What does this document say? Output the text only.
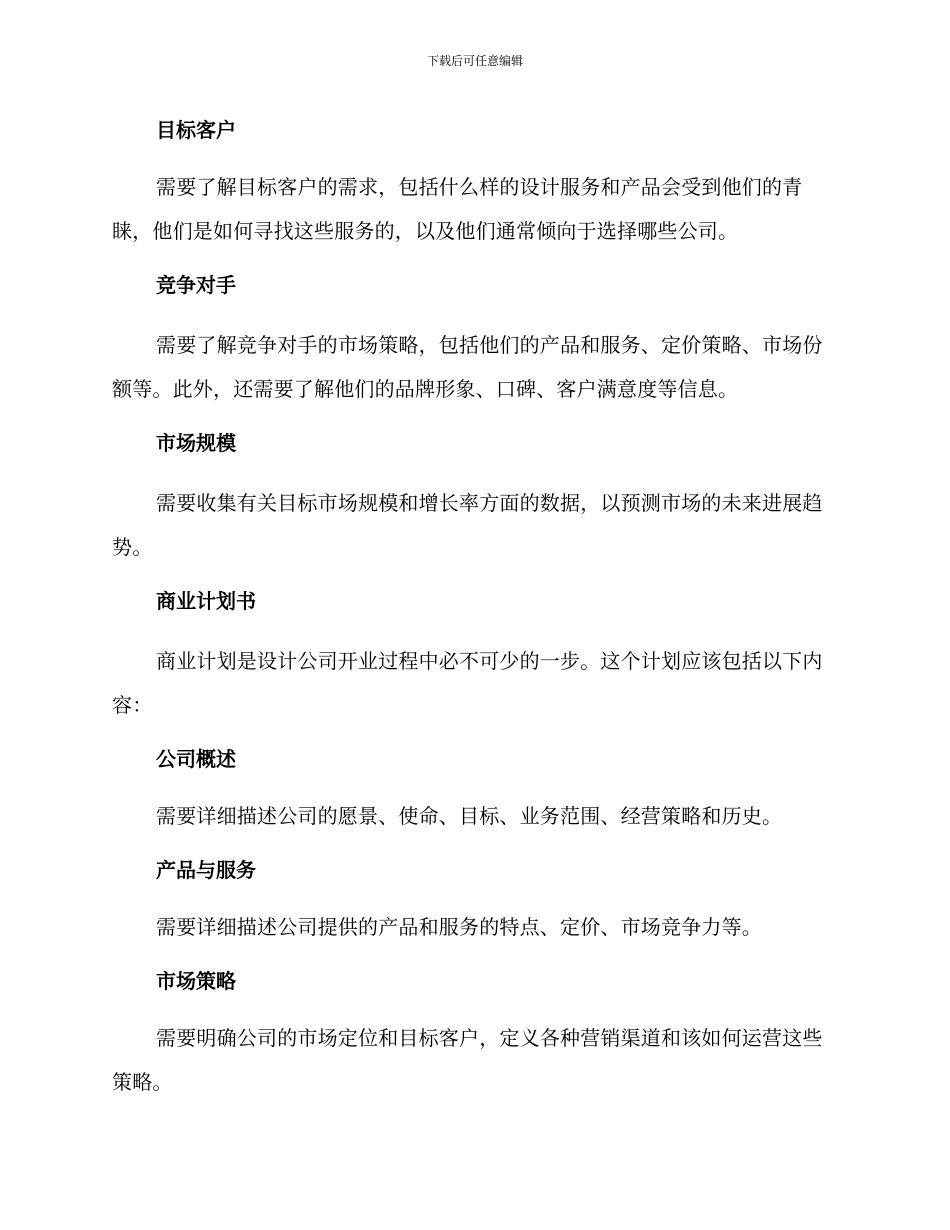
下载后可任意编辑
目标客户

需要了解目标客户的需求，包括什么样的设计服务和产品会受到他们的青睐，他们是如何寻找这些服务的，以及他们通常倾向于选择哪些公司。

竞争对手

需要了解竞争对手的市场策略，包括他们的产品和服务、定价策略、市场份额等。此外，还需要了解他们的品牌形象、口碑、客户满意度等信息。

市场规模

需要收集有关目标市场规模和增长率方面的数据，以预测市场的未来进展趋势。

商业计划书

商业计划是设计公司开业过程中必不可少的一步。这个计划应该包括以下内容：

公司概述

需要详细描述公司的愿景、使命、目标、业务范围、经营策略和历史。

产品与服务

需要详细描述公司提供的产品和服务的特点、定价、市场竞争力等。

市场策略

需要明确公司的市场定位和目标客户，定义各种营销渠道和该如何运营这些策略。
